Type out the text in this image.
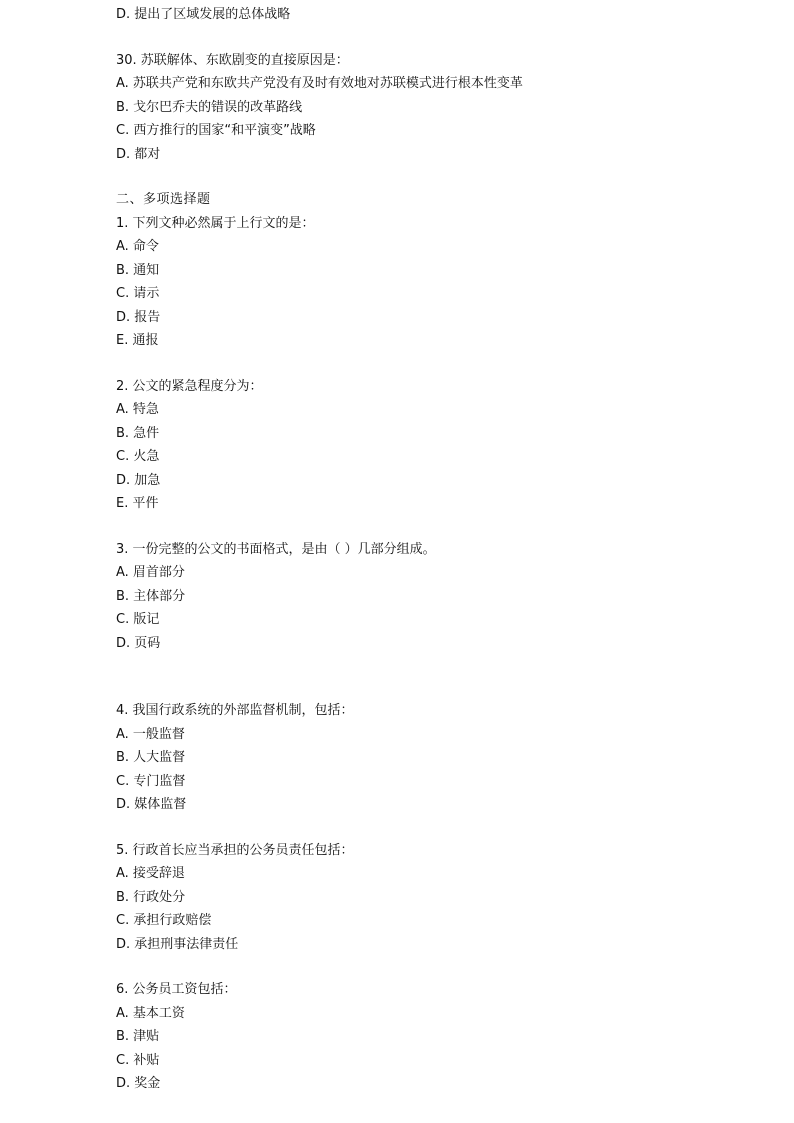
D. 提出了区域发展的总体战略
30. 苏联解体、东欧剧变的直接原因是：
A. 苏联共产党和东欧共产党没有及时有效地对苏联模式进行根本性变革
B. 戈尔巴乔夫的错误的改革路线
C. 西方推行的国家“和平演变”战略
D. 都对
二、多项选择题
1. 下列文种必然属于上行文的是：
A. 命令
B. 通知
C. 请示
D. 报告
E. 通报
2. 公文的紧急程度分为：
A. 特急
B. 急件
C. 火急
D. 加急
E. 平件
3. 一份完整的公文的书面格式，是由（ ）几部分组成。
A. 眉首部分
B. 主体部分
C. 版记
D. 页码
4. 我国行政系统的外部监督机制，包括：
A. 一般监督
B. 人大监督
C. 专门监督
D. 媒体监督
5. 行政首长应当承担的公务员责任包括：
A. 接受辞退
B. 行政处分
C. 承担行政赔偿
D. 承担刑事法律责任
6. 公务员工资包括：
A. 基本工资
B. 津贴
C. 补贴
D. 奖金
